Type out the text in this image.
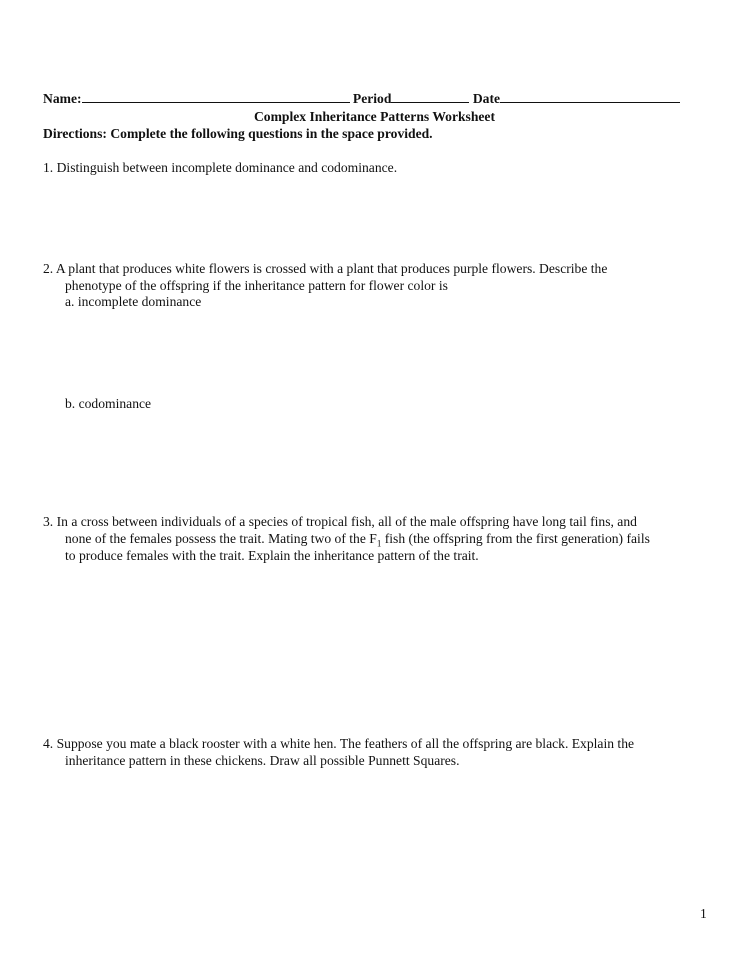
Name:	Period	Date
Complex Inheritance Patterns Worksheet
Directions: Complete the following questions in the space provided.
1. Distinguish between incomplete dominance and codominance.
2. A plant that produces white flowers is crossed with a plant that produces purple flowers. Describe the
phenotype of the offspring if the inheritance pattern for flower color is
a. incomplete dominance
b. codominance
3. In a cross between individuals of a species of tropical fish, all of the male offspring have long tail fins, and
none of the females possess the trait. Mating two of the $F_1$ fish (the offspring from the first generation) fails
to produce females with the trait. Explain the inheritance pattern of the trait.
4. Suppose you mate a black rooster with a white hen. The feathers of all the offspring are black. Explain the
inheritance pattern in these chickens. Draw all possible Punnett Squares.
1
